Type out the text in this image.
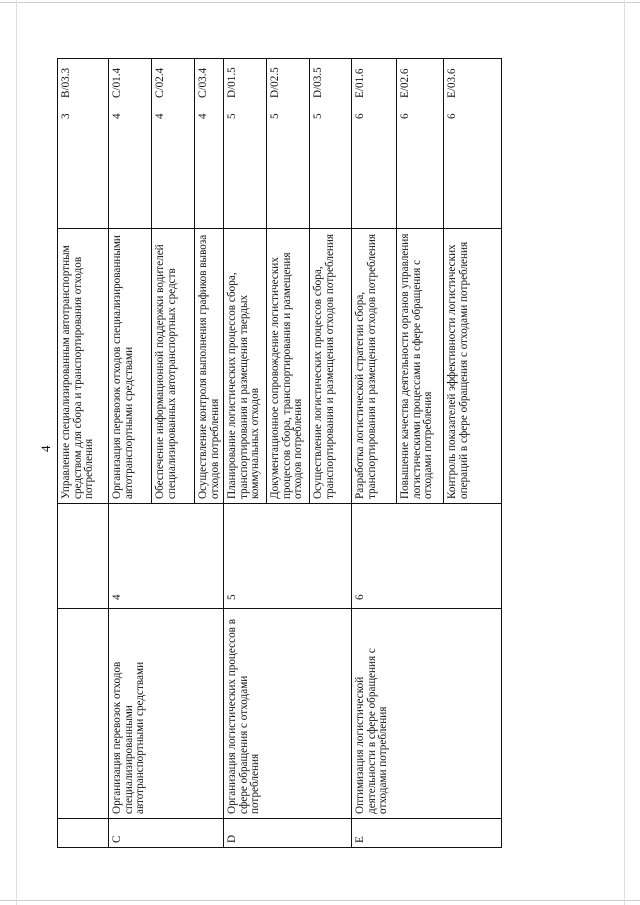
4 Управление специализированным автотранспортным средством для сбора и транспортирования отходов потребления
B/03.3
3
C
Организация перевозок отходов специализированными автотранспортными средствами
4
Организация перевозок отходов специализированными автотранспортными средствами
C/01.4
4
Обеспечение информационной поддержки водителей специализированных автотранспортных средств
C/02.4
4
Осуществление контроля выполнения графиков вывоза отходов потребления
C/03.4
4
D
Организация логистических процессов в сфере обращения с отходами потребления
5
Планирование логистических процессов сбора, транспортирования и размещения твердых коммунальных отходов
D/01.5
5
Документационное сопровождение логистических процессов сбора, транспортирования и размещения отходов потребления
D/02.5
5
Осуществление логистических процессов сбора, транспортирования и размещения отходов потребления
D/03.5
5
E
Оптимизация логистической деятельности в сфере обращения с отходами потребления
6
Разработка логистической стратегии сбора, транспортирования и размещения отходов потребления
E/01.6
6
Повышение качества деятельности органов управления логистическими процессами в сфере обращения с отходами потребления
E/02.6
6
Контроль показателей эффективности логистических операций в сфере обращения с отходами потребления
E/03.6
6
